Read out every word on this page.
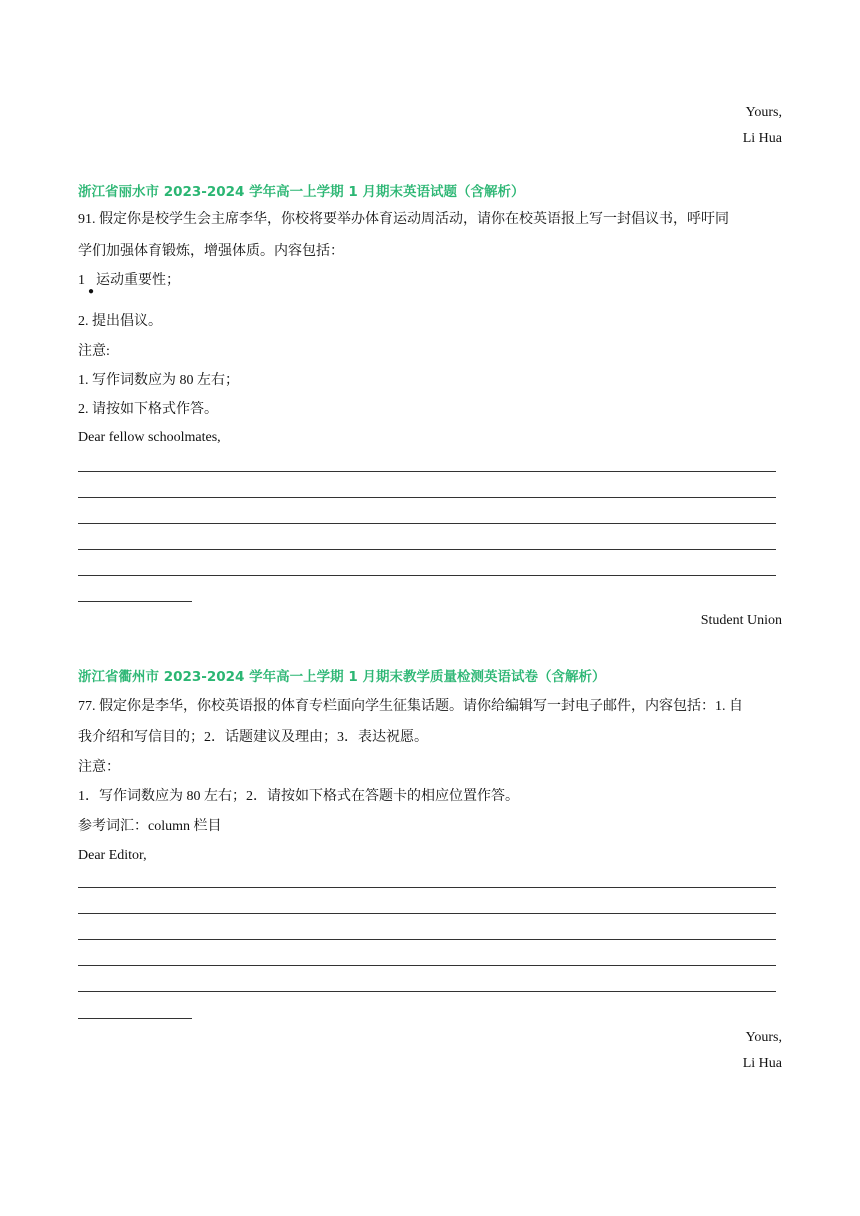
Yours,
Li Hua
浙江省丽水市 2023-2024 学年高一上学期 1 月期末英语试题（含解析）
91. 假定你是校学生会主席李华，你校将要举办体育运动周活动，请你在校英语报上写一封倡议书，呼吁同
学们加强体育锻炼，增强体质。内容包括：
1
●
运动重要性；
2. 提出倡议。
注意:
1. 写作词数应为 80 左右；
2. 请按如下格式作答。
Dear fellow schoolmates,
Student Union
浙江省衢州市 2023-2024 学年高一上学期 1 月期末教学质量检测英语试卷（含解析）
77. 假定你是李华，你校英语报的体育专栏面向学生征集话题。请你给编辑写一封电子邮件，内容包括：1. 自
我介绍和写信目的；2．话题建议及理由；3．表达祝愿。
注意：
1．写作词数应为 80 左右；2．请按如下格式在答题卡的相应位置作答。
参考词汇：column 栏目
Dear Editor,
Yours,
Li Hua
